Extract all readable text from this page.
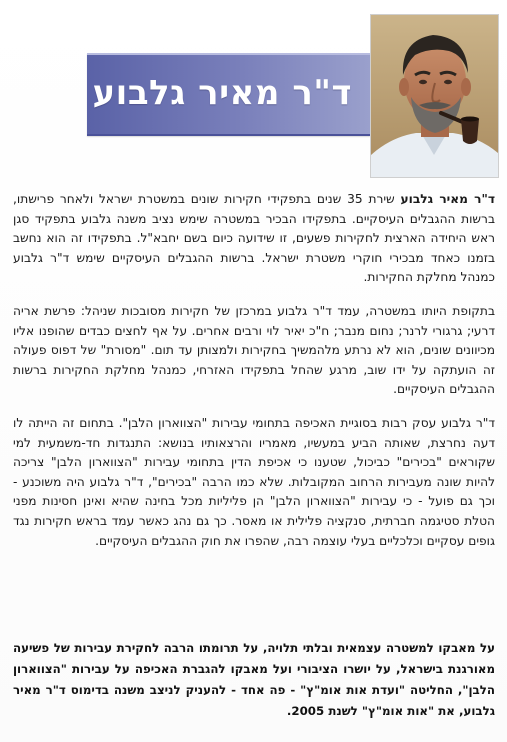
ד"ר מאיר גלבוע

ד"ר מאיר גלבוע שירת 35 שנים בתפקידי חקירות שונים במשטרת ישראל ולאחר פרישתו, ברשות ההגבלים העיסקיים. בתפקידו הבכיר במשטרה שימש נציב משנה גלבוע בתפקיד סגן ראש היחידה הארצית לחקירות פשעים, זו שידועה כיום בשם יחבא"ל. בתפקידו זה הוא נחשב בזמנו כאחד מבכירי חוקרי משטרת ישראל. ברשות ההגבלים העיסקיים שימש ד"ר גלבוע כמנהל מחלקת החקירות.

בתקופת היותו במשטרה, עמד ד"ר גלבוע במרכזן של חקירות מסובכות שניהל: פרשת אריה דרעי; גרגורי לרנר; נחום מנבר; ח"כ יאיר לוי ורבים אחרים. על אף לחצים כבדים שהופנו אליו מכיוונים שונים, הוא לא נרתע מלהמשיך בחקירות ולמצותן עד תום. "מסורת" של דפוס פעולה זה הועתקה על ידו שוב, מרגע שהחל בתפקידו האזרחי, כמנהל מחלקת החקירות ברשות ההגבלים העיסקיים.

ד"ר גלבוע עסק רבות בסוגיית האכיפה בתחומי עבירות "הצווארון הלבן". בתחום זה הייתה לו דעה נחרצת, שאותה הביע במעשיו, מאמריו והרצאותיו בנושא: התנגדות חד-משמעית למי שקוראים "בכירים" כביכול, שטענו כי אכיפת הדין בתחומי עבירות "הצווארון הלבן" צריכה להיות שונה מעבירות הרחוב המקובלות. שלא כמו הרבה "בכירים", ד"ר גלבוע היה משוכנע - וכך גם פועל - כי עבירות "הצווארון הלבן" הן פליליות מכל בחינה שהיא ואינן חסינות מפני הטלת סטיגמה חברתית, סנקציה פלילית או מאסר. כך גם נהג כאשר עמד בראש חקירות נגד גופים עסקיים וכלכליים בעלי עוצמה רבה, שהפרו את חוק ההגבלים העיסקיים.

על מאבקו למשטרה עצמאית ובלתי תלויה, על תרומתו הרבה לחקירת עבירות של פשיעה מאורגנת בישראל, על יושרו הציבורי ועל מאבקו להגברת האכיפה על עבירות "הצווארון הלבן", החליטה "ועדת אות אומ"ץ" - פה אחד - להעניק לניצב משנה בדימוס ד"ר מאיר גלבוע, את "אות אומ"ץ" לשנת 2005.
